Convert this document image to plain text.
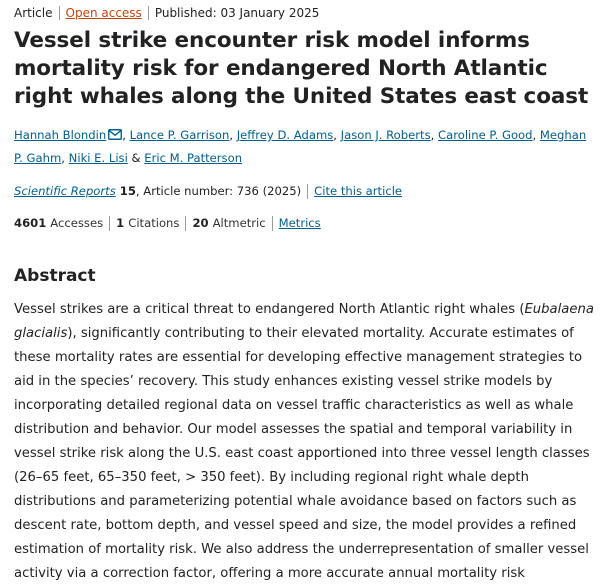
Article Open access Published: 03 January 2025
Vessel strike encounter risk model informs mortality risk for endangered North Atlantic right whales along the United States east coast
Hannah Blondin , Lance P. Garrison, Jeffrey D. Adams, Jason J. Roberts, Caroline P. Good, Meghan P. Gahm, Niki E. Lisi & Eric M. Patterson
Scientific Reports 15 , Article number: 736 (2025) Cite this article
4601 Accesses 1 Citations 20 Altmetric Metrics
Abstract

Vessel strikes are a critical threat to endangered North Atlantic right whales (Eubalaena glacialis), significantly contributing to their elevated mortality. Accurate estimates of these mortality rates are essential for developing effective management strategies to aid in the species’ recovery. This study enhances existing vessel strike models by incorporating detailed regional data on vessel traffic characteristics as well as whale distribution and behavior. Our model assesses the spatial and temporal variability in vessel strike risk along the U.S. east coast apportioned into three vessel length classes (26–65 feet, 65–350 feet, > 350 feet). By including regional right whale depth distributions and parameterizing potential whale avoidance based on factors such as descent rate, bottom depth, and vessel speed and size, the model provides a refined estimation of mortality risk. We also address the underrepresentation of smaller vessel activity via a correction factor, offering a more accurate annual mortality risk
